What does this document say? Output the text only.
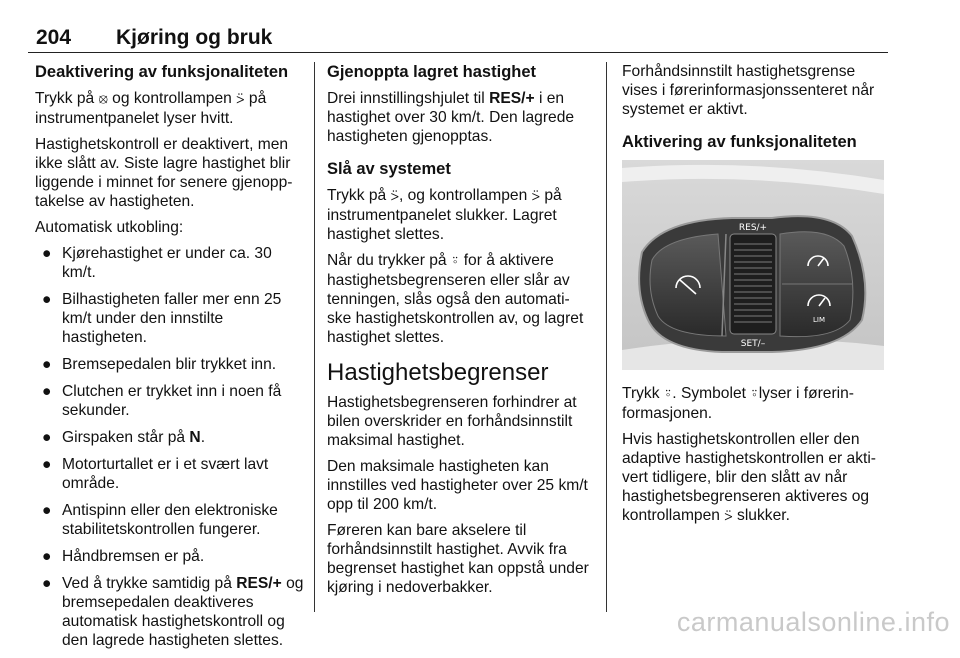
204 Kjøring og bruk
Deaktivering av funksjonaliteten

Trykk på ⦻ og kontrollampen ⍩ på instrumentpanelet lyser hvitt.

Hastighetskontroll er deaktivert, men ikke slått av. Siste lagre hastighet blir liggende i minnet for senere gjenopp-takelse av hastigheten.

Automatisk utkobling:

● Kjørehastighet er under ca. 30 km/t.
● Bilhastigheten faller mer enn 25 km/t under den innstilte hastigheten.
● Bremsepedalen blir trykket inn.
● Clutchen er trykket inn i noen få sekunder.
● Girspaken står på N.
● Motorturtallet er i et svært lavt område.
● Antispinn eller den elektroniske stabilitetskontrollen fungerer.
● Håndbremsen er på.
● Ved å trykke samtidig på RES/+ og bremsepedalen deaktiveres automatisk hastighetskontroll og den lagrede hastigheten slettes.
Gjenoppta lagret hastighet

Drei innstillingshjulet til RES/+ i en hastighet over 30 km/t. Den lagrede hastigheten gjenopptas.

Slå av systemet

Trykk på ⍩, og kontrollampen ⍩ på instrumentpanelet slukker. Lagret hastighet slettes.

Når du trykker på ⍤ for å aktivere hastighetsbegrenseren eller slår av tenningen, slås også den automati-ske hastighetskontrollen av, og lagret hastighet slettes.

Hastighetsbegrenser

Hastighetsbegrenseren forhindrer at bilen overskrider en forhåndsinnstilt maksimal hastighet.

Den maksimale hastigheten kan innstilles ved hastigheter over 25 km/t opp til 200 km/t.

Føreren kan bare akselere til forhåndsinnstilt hastighet. Avvik fra begrenset hastighet kan oppstå under kjøring i nedoverbakker.

Forhåndsinnstilt hastighetsgrense vises i førerinformasjonssenteret når systemet er aktivt.

Aktivering av funksjonaliteten
RES/+
SET/–
LIM

Trykk ⍤. Symbolet ⍤lyser i førerin-formasjonen.

Hvis hastighetskontrollen eller den adaptive hastighetskontrollen er akti-vert tidligere, blir den slått av når hastighetsbegrenseren aktiveres og kontrollampen ⍩ slukker.

carmanualsonline.info
